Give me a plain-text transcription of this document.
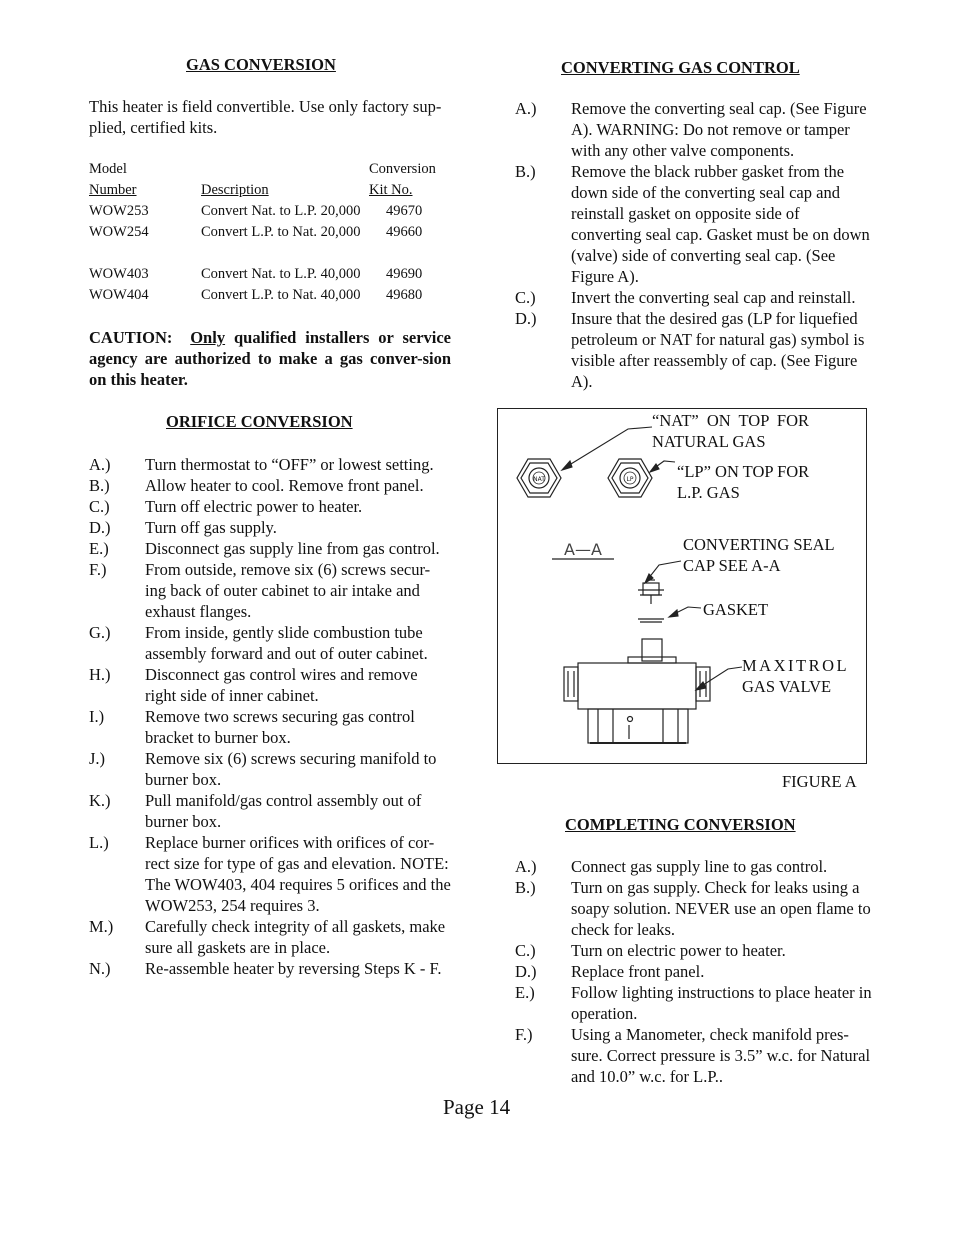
GAS CONVERSION
This heater is field convertible. Use only factory sup-
plied, certified kits.
Model		Conversion
Number	Description	Kit No.
WOW253	Convert Nat. to L.P. 20,000	49670
WOW254	Convert L.P. to Nat. 20,000	49660

WOW403	Convert Nat. to L.P. 40,000	49690
WOW404	Convert L.P. to Nat. 40,000	49680
CAUTION: Only qualified installers or service agency are authorized to make a gas conver-sion on this heater.
ORIFICE CONVERSION
A.)	Turn thermostat to “OFF” or lowest setting.
B.)	Allow heater to cool. Remove front panel.
C.)	Turn off electric power to heater.
D.)	Turn off gas supply.
E.)	Disconnect gas supply line from gas control.
F.)	From outside, remove six (6) screws secur-ing back of outer cabinet to air intake and exhaust flanges.
G.)	From inside, gently slide combustion tube assembly forward and out of outer cabinet.
H.)	Disconnect gas control wires and remove right side of inner cabinet.
I.)	Remove two screws securing gas control bracket to burner box.
J.)	Remove six (6) screws securing manifold to burner box.
K.)	Pull manifold/gas control assembly out of burner box.
L.)	Replace burner orifices with orifices of cor-rect size for type of gas and elevation. NOTE: The WOW403, 404 requires 5 orifices and the WOW253, 254 requires 3.
M.)	Carefully check integrity of all gaskets, make sure all gaskets are in place.
N.)	Re-assemble heater by reversing Steps K - F.
CONVERTING GAS CONTROL
A.)	Remove the converting seal cap. (See Figure A). WARNING: Do not remove or tamper with any other valve components.
B.)	Remove the black rubber gasket from the down side of the converting seal cap and reinstall gasket on opposite side of converting seal cap. Gasket must be on down (valve) side of converting seal cap. (See Figure A).
C.)	Invert the converting seal cap and reinstall.
D.)	Insure that the desired gas (LP for liquefied petroleum or NAT for natural gas) symbol is visible after reassembly of cap. (See Figure A).
NAT	LP
A—A
“NAT” ON TOP FOR
NATURAL GAS
“LP” ON TOP FOR
L.P. GAS
CONVERTING SEAL
CAP SEE A-A
GASKET
MAXITROL
GAS VALVE
FIGURE A
COMPLETING CONVERSION
A.)	Connect gas supply line to gas control.
B.)	Turn on gas supply. Check for leaks using a soapy solution. NEVER use an open flame to check for leaks.
C.)	Turn on electric power to heater.
D.)	Replace front panel.
E.)	Follow lighting instructions to place heater in operation.
F.)	Using a Manometer, check manifold pres-sure. Correct pressure is 3.5” w.c. for Natural and 10.0” w.c. for L.P..
Page 14
